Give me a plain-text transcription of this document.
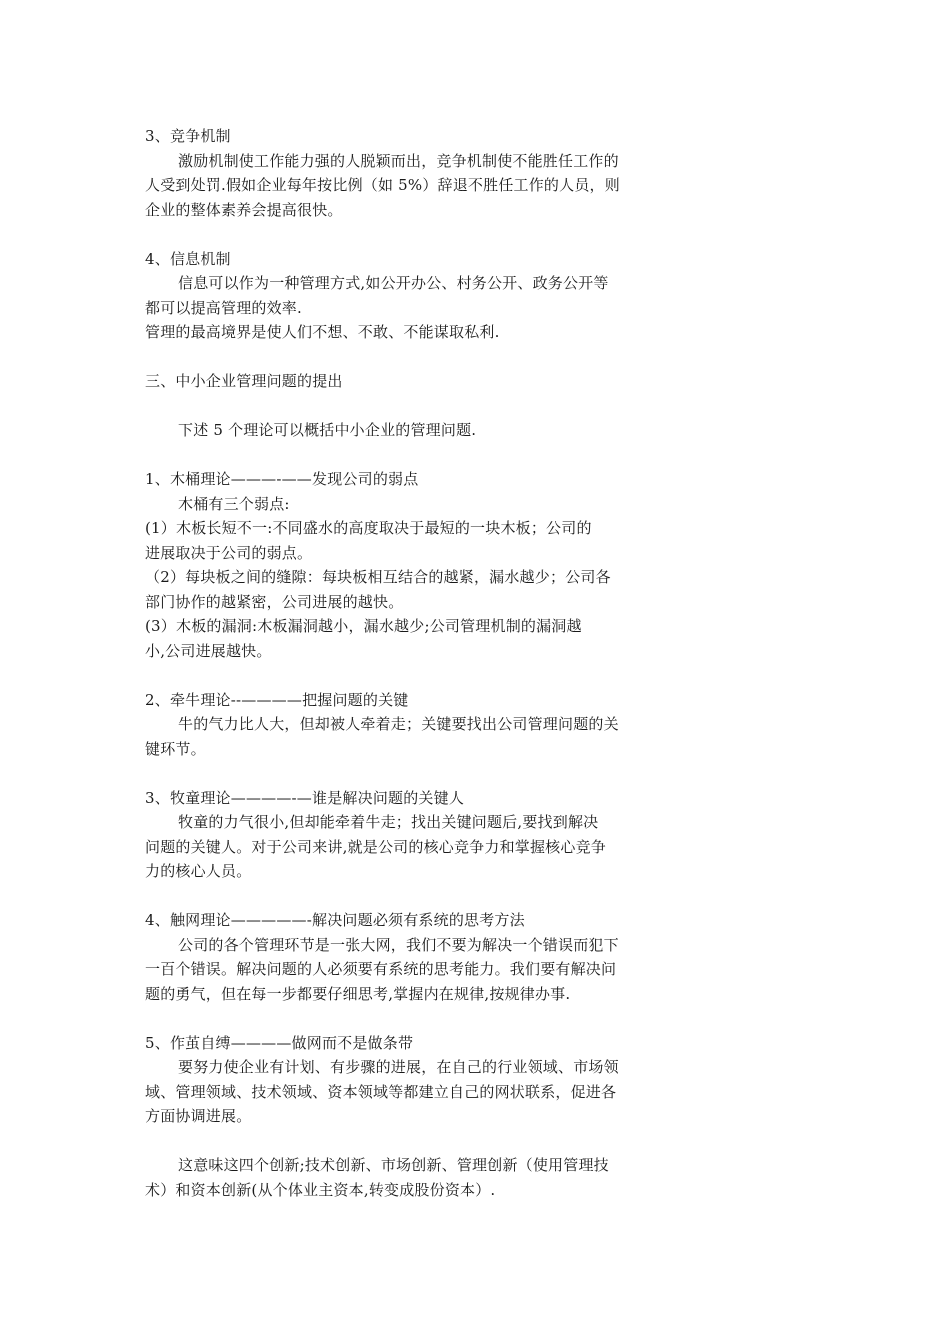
3、竞争机制
激励机制使工作能力强的人脱颖而出，竞争机制使不能胜任工作的
人受到处罚.假如企业每年按比例（如 5%）辞退不胜任工作的人员，则
企业的整体素养会提高很快。
4、信息机制
信息可以作为一种管理方式,如公开办公、村务公开、政务公开等
都可以提高管理的效率.
管理的最高境界是使人们不想、不敢、不能谋取私利.
三、中小企业管理问题的提出
下述 5 个理论可以概括中小企业的管理问题.
1、木桶理论———-——发现公司的弱点
木桶有三个弱点:
(1）木板长短不一:不同盛水的高度取决于最短的一块木板；公司的
进展取决于公司的弱点。
（2）每块板之间的缝隙：每块板相互结合的越紧，漏水越少；公司各
部门协作的越紧密，公司进展的越快。
(3）木板的漏洞:木板漏洞越小，漏水越少;公司管理机制的漏洞越
小,公司进展越快。
2、牵牛理论--————把握问题的关键
牛的气力比人大，但却被人牵着走；关键要找出公司管理问题的关
键环节。
3、牧童理论————-—谁是解决问题的关键人
牧童的力气很小,但却能牵着牛走；找出关键问题后,要找到解决
问题的关键人。对于公司来讲,就是公司的核心竞争力和掌握核心竞争
力的核心人员。
4、触网理论—————-解决问题必须有系统的思考方法
公司的各个管理环节是一张大网，我们不要为解决一个错误而犯下
一百个错误。解决问题的人必须要有系统的思考能力。我们要有解决问
题的勇气，但在每一步都要仔细思考,掌握内在规律,按规律办事.
5、作茧自缚————做网而不是做条带
要努力使企业有计划、有步骤的进展，在自己的行业领域、市场领
域、管理领域、技术领域、资本领域等都建立自己的网状联系，促进各
方面协调进展。
这意味这四个创新;技术创新、市场创新、管理创新（使用管理技
术）和资本创新(从个体业主资本,转变成股份资本）.
